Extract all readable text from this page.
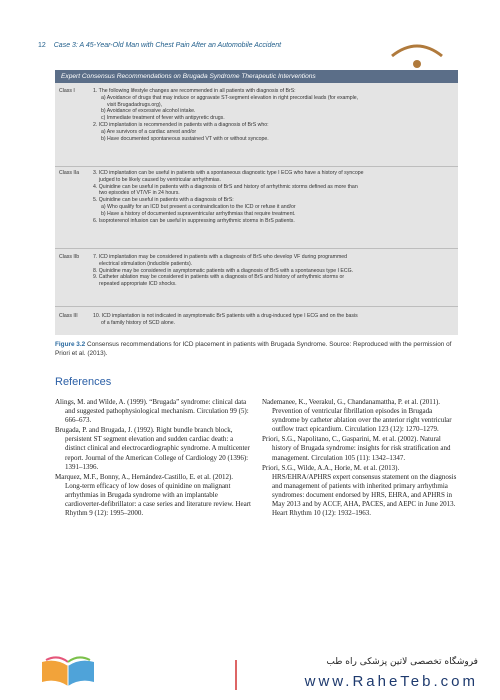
12 Case 3: A 45-Year-Old Man with Chest Pain After an Automobile Accident
Expert Consensus Recommendations on Brugada Syndrome Therapeutic Interventions
Class I	1. The following lifestyle changes are recommended in all patients with diagnosis of BrS:
a) Avoidance of drugs that may induce or aggravate ST-segment elevation in right precordial leads (for example,
visit Brugadadrugs.org),
b) Avoidance of excessive alcohol intake.
c) Immediate treatment of fever with antipyretic drugs.
2. ICD implantation is recommended in patients with a diagnosis of BrS who:
a) Are survivors of a cardiac arrest and/or
b) Have documented spontaneous sustained VT with or without syncope.
Class IIa	3. ICD implantation can be useful in patients with a spontaneous diagnostic type I ECG who have a history of syncope
judged to be likely caused by ventricular arrhythmias.
4. Quinidine can be useful in patients with a diagnosis of BrS and history of arrhythmic storms defined as more than
two episodes of VT/VF in 24 hours.
5. Quinidine can be useful in patients with a diagnosis of BrS:
a) Who qualify for an ICD but present a contraindication to the ICD or refuse it and/or
b) Have a history of documented supraventricular arrhythmias that require treatment.
6. Isoproterenol infusion can be useful in suppressing arrhythmic storms in BrS patients.
Class IIb	7. ICD implantation may be considered in patients with a diagnosis of BrS who develop VF during programmed
electrical stimulation (inducible patients).
8. Quinidine may be considered in asymptomatic patients with a diagnosis of BrS with a spontaneous type I ECG.
9. Catheter ablation may be considered in patients with a diagnosis of BrS and history of arrhythmic storms or
repeated appropriate ICD shocks.
Class III	10. ICD implantation is not indicated in asymptomatic BrS patients with a drug-induced type I ECG and on the basis
of a family history of SCD alone.
Figure 3.2 Consensus recommendations for ICD placement in patients with Brugada Syndrome. Source: Reproduced with the permission of Priori et al. (2013).
References

Alings, M. and Wilde, A. (1999). “Brugada” syndrome: clinical data and suggested pathophysiological mechanism. Circulation 99 (5): 666–673.

Brugada, P. and Brugada, J. (1992). Right bundle branch block, persistent ST segment elevation and sudden cardiac death: a distinct clinical and electrocardiographic syndrome. A multicenter report. Journal of the American College of Cardiology 20 (1396): 1391–1396.

Marquez, M.F., Bonny, A., Hernández-Castillo, E. et al. (2012). Long-term efficacy of low doses of quinidine on malignant arrhythmias in Brugada syndrome with an implantable cardioverter-defibrillator: a case series and literature review. Heart Rhythm 9 (12): 1995–2000.

Nademanee, K., Veerakul, G., Chandanamattha, P. et al. (2011). Prevention of ventricular fibrillation episodes in Brugada syndrome by catheter ablation over the anterior right ventricular outflow tract epicardium. Circulation 123 (12): 1270–1279.

Priori, S.G., Napolitano, C., Gasparini, M. et al. (2002). Natural history of Brugada syndrome: insights for risk stratification and management. Circulation 105 (11): 1342–1347.

Priori, S.G., Wilde, A.A., Horie, M. et al. (2013). HRS/EHRA/APHRS expert consensus statement on the diagnosis and management of patients with inherited primary arrhythmia syndromes: document endorsed by HRS, EHRA, and APHRS in May 2013 and by ACCF, AHA, PACES, and AEPC in June 2013. Heart Rhythm 10 (12): 1932–1963.

فروشگاه تخصصی لاتین پزشکی راه طب
www.RaheTeb.com
